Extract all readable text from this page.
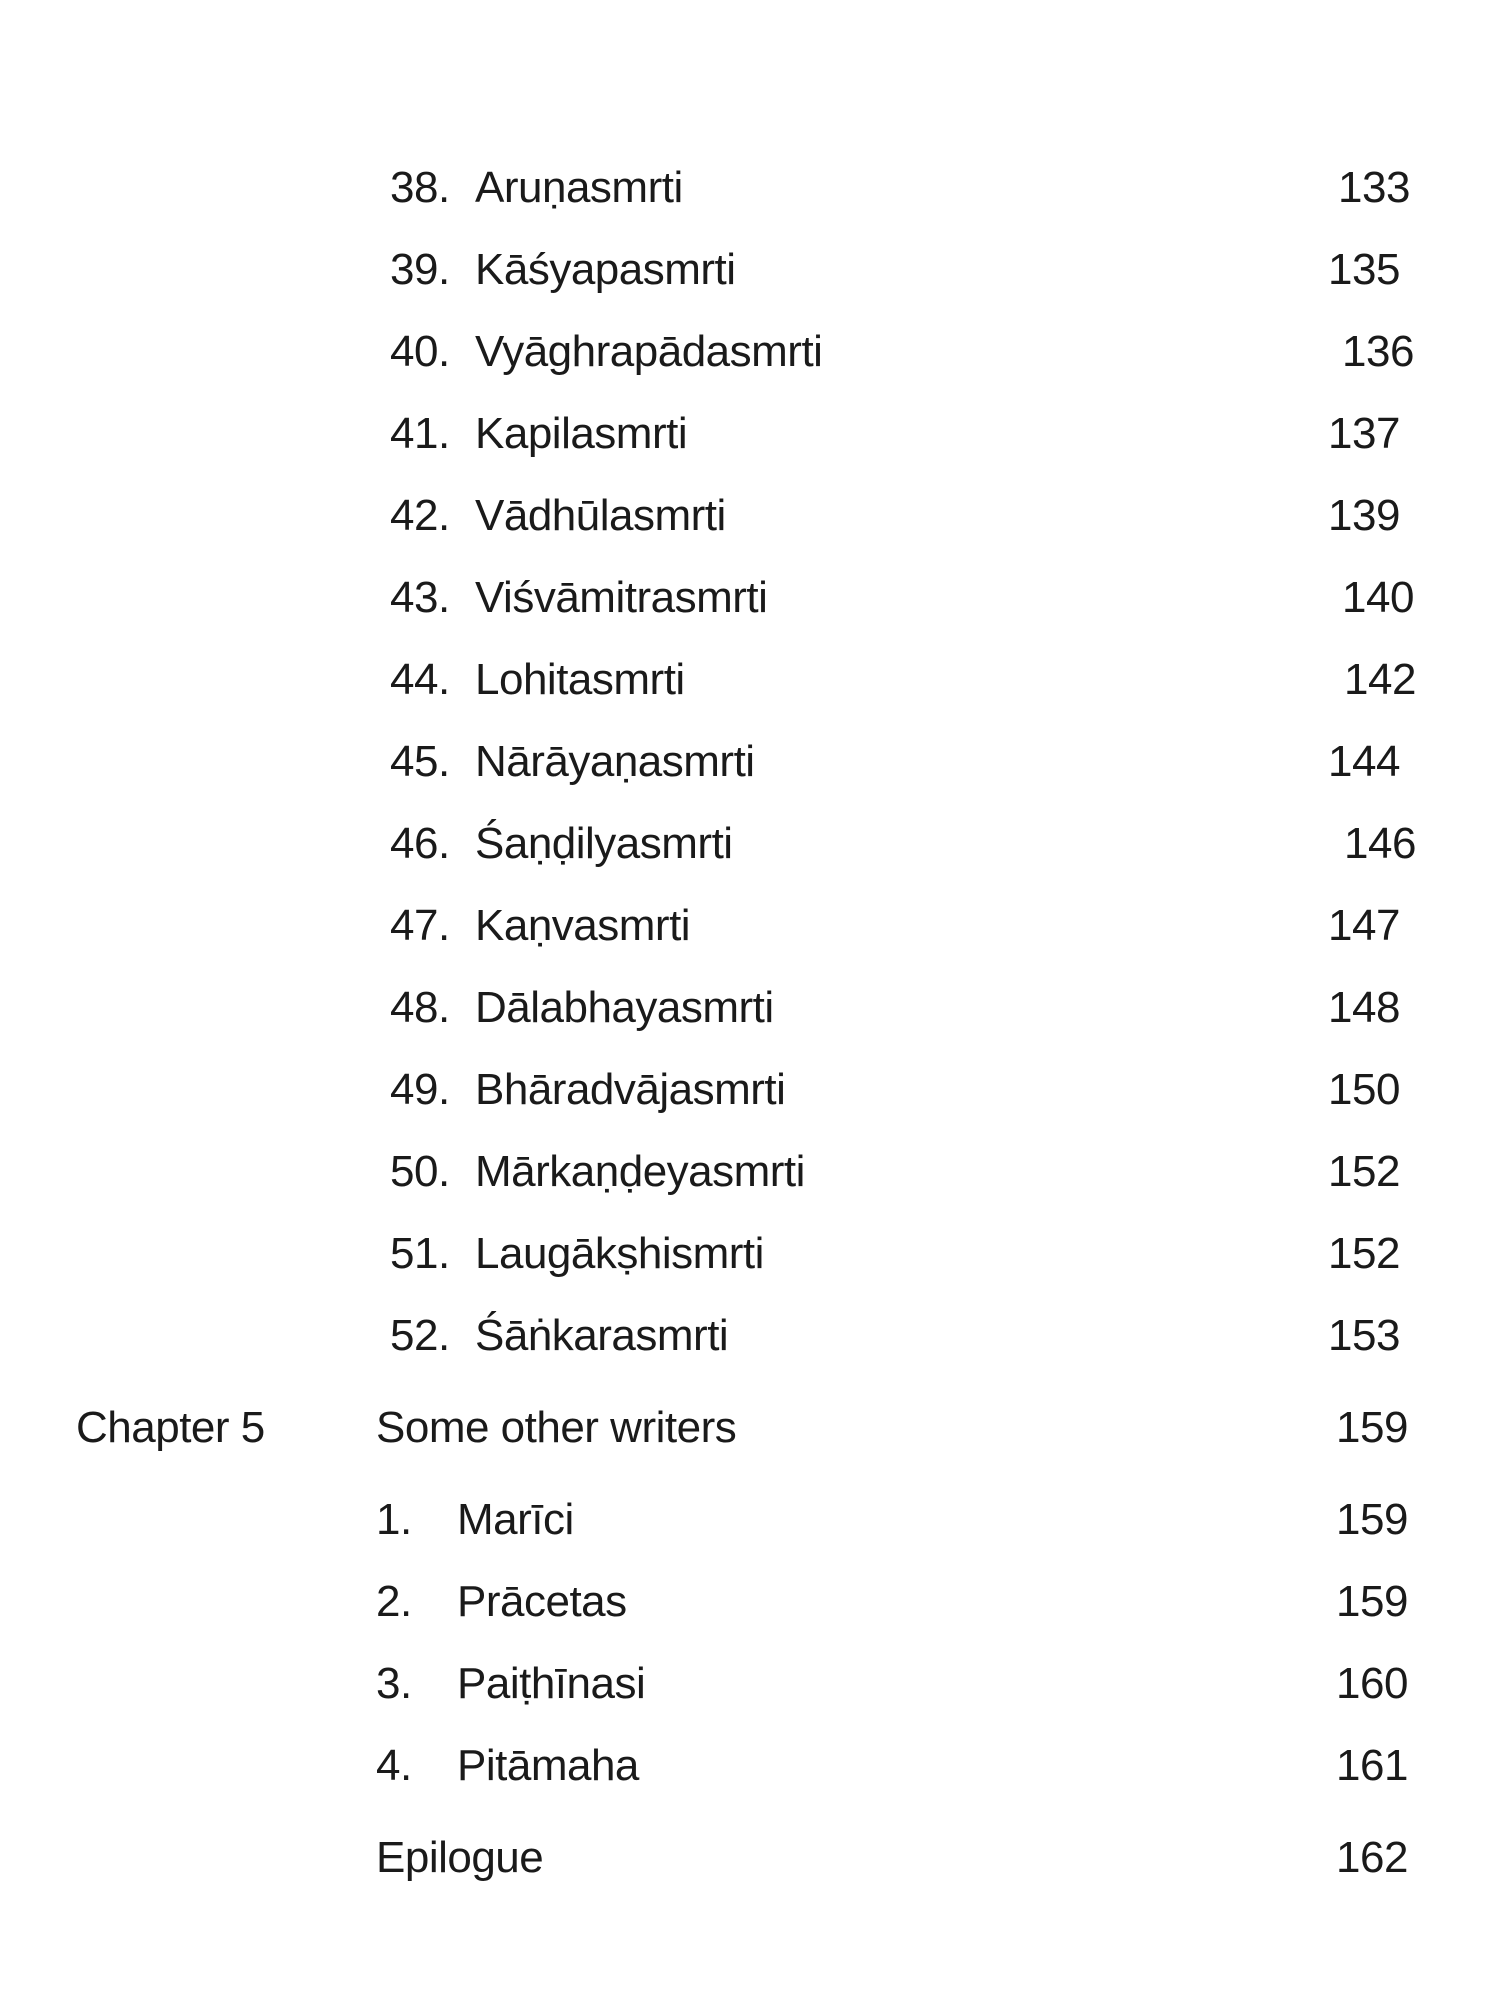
38. Aruṇasmrti	133
39. Kāśyapasmrti	135
40. Vyāghrapādasmrti	136
41. Kapilasmrti	137
42. Vādhūlasmrti	139
43. Viśvāmitrasmrti	140
44. Lohitasmrti	142
45. Nārāyaṇasmrti	144
46. Śaṇḍilyasmrti	146
47. Kaṇvasmrti	147
48. Dālabhayasmrti	148
49. Bhāradvājasmrti	150
50. Mārkaṇḍeyasmrti	152
51. Laugākṣhismrti	152
52. Śāṅkarasmrti	153
Chapter 5	Some other writers	159
1. Marīci	159
2. Prācetas	159
3. Paiṭhīnasi	160
4. Pitāmaha	161
Epilogue	162
